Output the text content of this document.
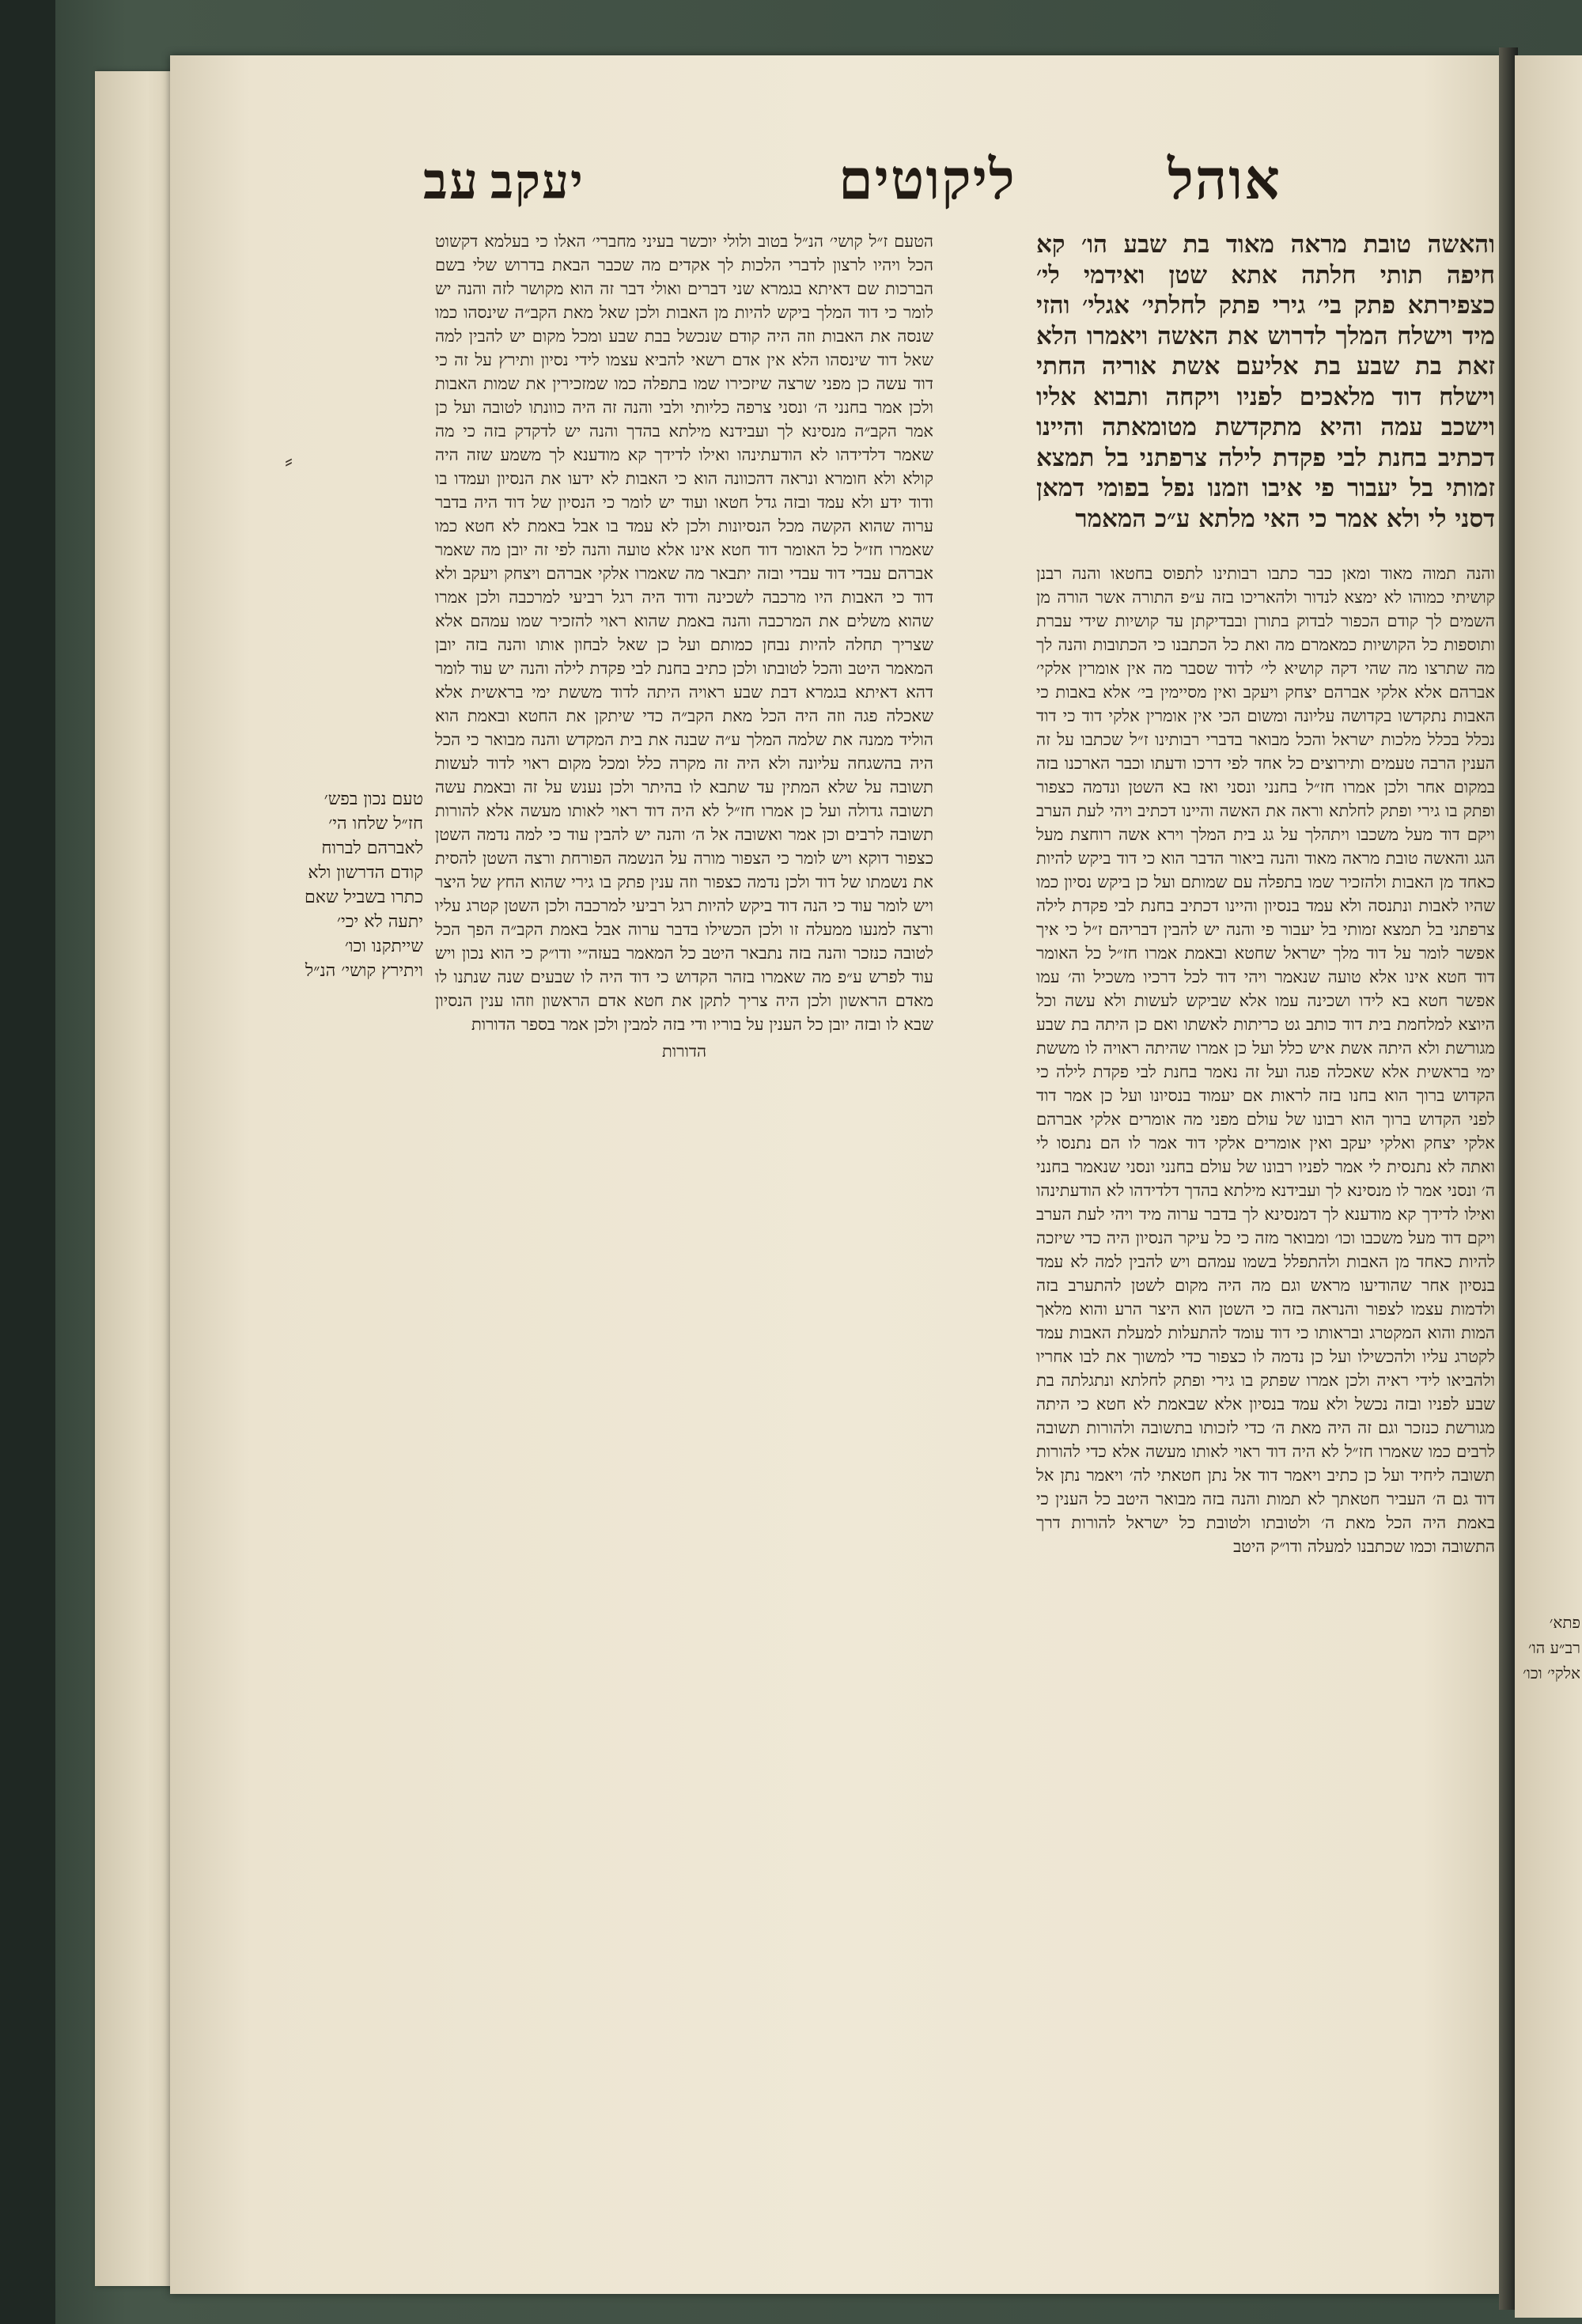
אוהל
ליקוטים
יעקב
עב

והאשה טובת מראה מאוד בת שבע הו׳ קא חיפה תותי חלתה אתא שטן ואידמי לי׳ כצפירתא פתק בי׳ גירי פתק לחלתי׳ אגלי׳ והזי מיד וישלח המלך לדרוש את האשה ויאמרו הלא זאת בת שבע בת אליעם אשת אוריה החתי וישלח דוד מלאכים לפניו ויקחה ותבוא אליו וישכב עמה והיא מתקדשת מטומאתה והיינו דכתיב בחנת לבי פקדת לילה צרפתני בל תמצא זמותי בל יעבור פי איבו וזמנו נפל בפומי דמאן דסני לי ולא אמר כי האי מלתא ע״כ המאמר

והנה תמוה מאוד ומאן כבר כתבו רבותינו לתפוס בחטאו והנה רבנן קושיתי כמוהו לא ימצא לנדור ולהאריכו בזה ע״פ התורה אשר הורה מן השמים לך קודם הכפור לבדוק בתורן ובבדיקתן עד קושיות שידי עברת ותוספות כל הקושיות כמאמרם מה ואת כל הכתבנו כי הכתובות והנה לך מה שתרצו מה שהי דקה קושיא לי׳ לדוד שסבר מה אין אומרין אלקי׳ אברהם אלא אלקי אברהם יצחק ויעקב ואין מסיימין בי׳ אלא באבות כי האבות נתקדשו בקדושה עליונה ומשום הכי אין אומרין אלקי דוד כי דוד נכלל בכלל מלכות ישראל והכל מבואר בדברי רבותינו ז״ל שכתבו על זה הענין הרבה טעמים ותירוצים כל אחד לפי דרכו ודעתו וכבר הארכנו בזה במקום אחר ולכן אמרו חז״ל בחנני ונסני ואז בא השטן ונדמה כצפור ופתק בו גירי ופתק לחלתא וראה את האשה והיינו דכתיב ויהי לעת הערב ויקם דוד מעל משכבו ויתהלך על גג בית המלך וירא אשה רוחצת מעל הגג והאשה טובת מראה מאוד והנה ביאור הדבר הוא כי דוד ביקש להיות כאחד מן האבות ולהזכיר שמו בתפלה עם שמותם ועל כן ביקש נסיון כמו שהיו לאבות ונתנסה ולא עמד בנסיון והיינו דכתיב בחנת לבי פקדת לילה צרפתני בל תמצא זמותי בל יעבור פי והנה יש להבין דבריהם ז״ל כי איך אפשר לומר על דוד מלך ישראל שחטא ובאמת אמרו חז״ל כל האומר דוד חטא אינו אלא טועה שנאמר ויהי דוד לכל דרכיו משכיל וה׳ עמו אפשר חטא בא לידו ושכינה עמו אלא שביקש לעשות ולא עשה וכל היוצא למלחמת בית דוד כותב גט כריתות לאשתו ואם כן היתה בת שבע מגורשת ולא היתה אשת איש כלל ועל כן אמרו שהיתה ראויה לו מששת ימי בראשית אלא שאכלה פגה ועל זה נאמר בחנת לבי פקדת לילה כי הקדוש ברוך הוא בחנו בזה לראות אם יעמוד בנסיונו ועל כן אמר דוד לפני הקדוש ברוך הוא רבונו של עולם מפני מה אומרים אלקי אברהם אלקי יצחק ואלקי יעקב ואין אומרים אלקי דוד אמר לו הם נתנסו לי ואתה לא נתנסית לי אמר לפניו רבונו של עולם בחנני ונסני שנאמר בחנני ה׳ ונסני אמר לו מנסינא לך ועבידנא מילתא בהדך דלדידהו לא הודעתינהו ואילו לדידך קא מודענא לך דמנסינא לך בדבר ערוה מיד ויהי לעת הערב ויקם דוד מעל משכבו וכו׳ ומבואר מזה כי כל עיקר הנסיון היה כדי שיזכה להיות כאחד מן האבות ולהתפלל בשמו עמהם ויש להבין למה לא עמד בנסיון אחר שהודיעו מראש וגם מה היה מקום לשטן להתערב בזה ולדמות עצמו לצפור והנראה בזה כי השטן הוא היצר הרע והוא מלאך המות והוא המקטרג ובראותו כי דוד עומד להתעלות למעלת האבות עמד לקטרג עליו ולהכשילו ועל כן נדמה לו כצפור כדי למשוך את לבו אחריו ולהביאו לידי ראיה ולכן אמרו שפתק בו גירי ופתק לחלתא ונתגלתה בת שבע לפניו ובזה נכשל ולא עמד בנסיון אלא שבאמת לא חטא כי היתה מגורשת כנזכר וגם זה היה מאת ה׳ כדי לזכותו בתשובה ולהורות תשובה לרבים כמו שאמרו חז״ל לא היה דוד ראוי לאותו מעשה אלא כדי להורות תשובה ליחיד ועל כן כתיב ויאמר דוד אל נתן חטאתי לה׳ ויאמר נתן אל דוד גם ה׳ העביר חטאתך לא תמות והנה בזה מבואר היטב כל הענין כי באמת היה הכל מאת ה׳ ולטובתו ולטובת כל ישראל להורות דרך התשובה וכמו שכתבנו למעלה ודו״ק היטב

הטעם ז״ל קושי׳ הנ״ל בטוב ולולי יוכשר בעיני מחברי׳ האלו כי בעלמא דקשוט הכל ויהיו לרצון לדברי הלכות לך אקדים מה שכבר הבאת בדרוש שלי בשם הברכות שם דאיתא בגמרא שני דברים ואולי דבר זה הוא מקושר לזה והנה יש לומר כי דוד המלך ביקש להיות מן האבות ולכן שאל מאת הקב״ה שינסהו כמו שנסה את האבות וזה היה קודם שנכשל בבת שבע ומכל מקום יש להבין למה שאל דוד שינסהו הלא אין אדם רשאי להביא עצמו לידי נסיון ותירץ על זה כי דוד עשה כן מפני שרצה שיזכירו שמו בתפלה כמו שמזכירין את שמות האבות ולכן אמר בחנני ה׳ ונסני צרפה כליותי ולבי והנה זה היה כוונתו לטובה ועל כן אמר הקב״ה מנסינא לך ועבידנא מילתא בהדך והנה יש לדקדק בזה כי מה שאמר דלדידהו לא הודעתינהו ואילו לדידך קא מודענא לך משמע שזה היה קולא ולא חומרא ונראה דהכוונה הוא כי האבות לא ידעו את הנסיון ועמדו בו ודוד ידע ולא עמד ובזה גדל חטאו ועוד יש לומר כי הנסיון של דוד היה בדבר ערוה שהוא הקשה מכל הנסיונות ולכן לא עמד בו אבל באמת לא חטא כמו שאמרו חז״ל כל האומר דוד חטא אינו אלא טועה והנה לפי זה יובן מה שאמר אברהם עבדי דוד עבדי ובזה יתבאר מה שאמרו אלקי אברהם ויצחק ויעקב ולא דוד כי האבות היו מרכבה לשכינה ודוד היה רגל רביעי למרכבה ולכן אמרו שהוא משלים את המרכבה והנה באמת שהוא ראוי להזכיר שמו עמהם אלא שצריך תחלה להיות נבחן כמותם ועל כן שאל לבחון אותו והנה בזה יובן המאמר היטב והכל לטובתו ולכן כתיב בחנת לבי פקדת לילה והנה יש עוד לומר דהא דאיתא בגמרא דבת שבע ראויה היתה לדוד מששת ימי בראשית אלא שאכלה פגה וזה היה הכל מאת הקב״ה כדי שיתקן את החטא ובאמת הוא הוליד ממנה את שלמה המלך ע״ה שבנה את בית המקדש והנה מבואר כי הכל היה בהשגחה עליונה ולא היה זה מקרה כלל ומכל מקום ראוי לדוד לעשות תשובה על שלא המתין עד שתבא לו בהיתר ולכן נענש על זה ובאמת עשה תשובה גדולה ועל כן אמרו חז״ל לא היה דוד ראוי לאותו מעשה אלא להורות תשובה לרבים וכן אמר ואשובה אל ה׳ והנה יש להבין עוד כי למה נדמה השטן כצפור דוקא ויש לומר כי הצפור מורה על הנשמה הפורחת ורצה השטן להסית את נשמתו של דוד ולכן נדמה כצפור וזה ענין פתק בו גירי שהוא החץ של היצר ויש לומר עוד כי הנה דוד ביקש להיות רגל רביעי למרכבה ולכן השטן קטרג עליו ורצה למנעו ממעלה זו ולכן הכשילו בדבר ערוה אבל באמת הקב״ה הפך הכל לטובה כנזכר והנה בזה נתבאר היטב כל המאמר בעזה״י ודו״ק כי הוא נכון ויש עוד לפרש ע״פ מה שאמרו בזהר הקדוש כי דוד היה לו שבעים שנה שנתנו לו מאדם הראשון ולכן היה צריך לתקן את חטא אדם הראשון וזהו ענין הנסיון שבא לו ובזה יובן כל הענין על בוריו ודי בזה למבין ולכן אמר בספר הדורות

הדורות

טעם נכון בפש׳ חז״ל שלחו הי׳ לאברהם לברוח קודם הדרשון ולא כתרו בשביל שאם יתעה לא יכי׳ שייתקנו וכו׳ ויתירץ קושי׳ הנ״ל

⸗
פתא׳ רב״ע הו׳ אלקי׳ וכו׳
